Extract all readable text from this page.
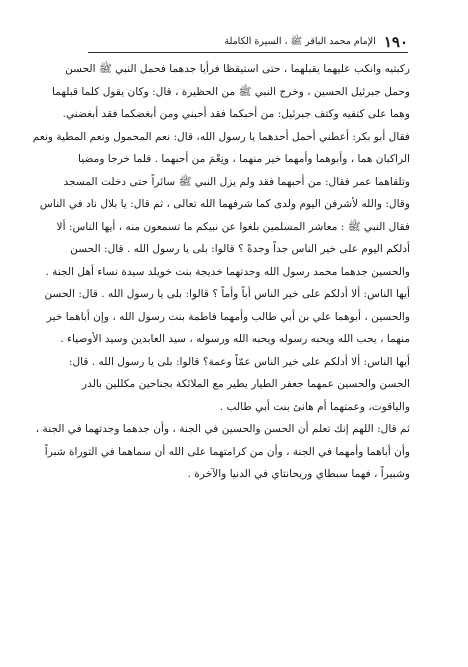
١٩٠
الإمام محمد الباقر ﷺ ، السيرة الكاملة
ركبتيه وانكب عليهما يقبلهما ، حتى استيقظا فرأيا جدهما فحمل النبي ﷺ الحسن
وحمل جبرئيل الحسين ، وخرج النبي ﷺ من الحظيرة ، قال: وكان يقول كلما قبلهما
وهما على كتفيه وكتف جبرئيل: من أحبكما فقد أحبني ومن أبغضكما فقد أبغضني.
فقال أبو بكر: أعطني أحمل أحدهما يا رسول الله، قال: نعم المحمول ونعم المطية ونعم
الراكبان هما ، وأبوهما وأمهما خير منهما ، ونِعْمَ من أحبهما . فلما خرجا ومضيا
وتلقاهما عمر فقال: من أحبهما فقد ولم يزل النبي ﷺ سائراً حتى دخلت المسجد
وقال: والله لأشرفن اليوم ولدى كما شرفهما الله تعالى ، ثم قال: يا بلال ناد في الناس
فقال النبي ﷺ : معاشر المسلمين بلغوا عن نبيكم ما تسمعون منه ، أيها الناس: ألا
أدلكم اليوم على خير الناس جداً وجدةً ؟ قالوا: بلى يا رسول الله . قال: الحسن
والحسين جدهما محمد رسول الله وجدتهما خديجة بنت خويلد سيدة نساء أهل الجنة .
أيها الناس: ألا أدلكم على خير الناس أباً وأماً ؟ قالوا: بلى يا رسول الله . قال: الحسن
والحسين ، أبوهما علي بن أبي طالب وأمهما فاطمة بنت رسول الله ، وإن أباهما خير
منهما ، يحب الله ويحبه رسوله ويحبه الله ورسوله ، سيد العابدين وسيد الأوصياء .
أيها الناس: ألا أدلكم على خير الناس عمّاً وعمة؟ قالوا: بلى يا رسول الله . قال:
الحسن والحسين عمهما جعفر الطيار يطير مع الملائكة بجناحين مكللين بالدر
والياقوت، وعمتهما أم هانئ بنت أبي طالب .
ثم قال: اللهم إنك تعلم أن الحسن والحسين في الجنة ، وأن جدهما وجدتهما في الجنة ،
وأن أباهما وأمهما في الجنة ، وأن من كرامتهما على الله أن سماهما في التوراة شبراً
وشبيراً ، فهما سبطاي وريحانتاي في الدنيا والآخرة .
